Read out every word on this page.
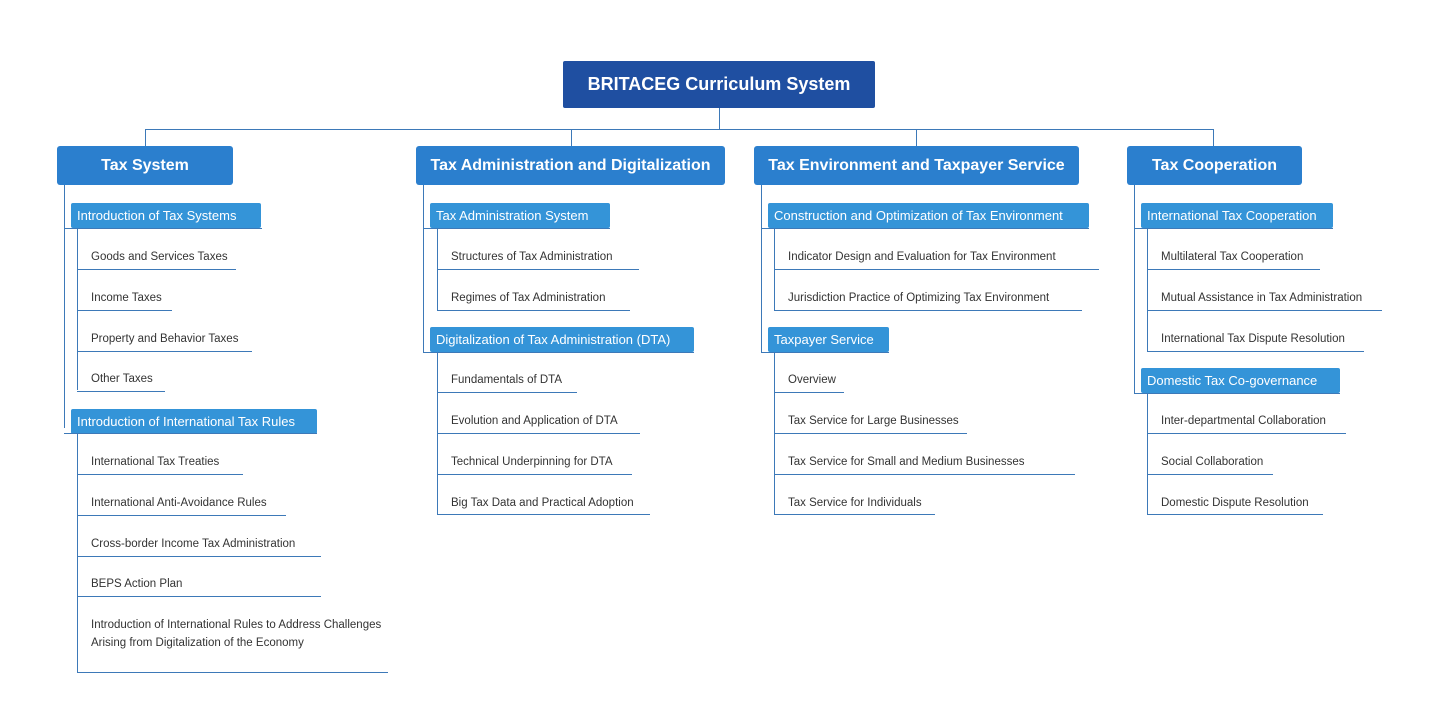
BRITACEG Curriculum System
Tax System
Introduction of Tax Systems
Goods and Services Taxes
Income Taxes
Property and Behavior Taxes
Other Taxes
Introduction of International Tax Rules
International Tax Treaties
International Anti-Avoidance Rules
Cross-border Income Tax Administration
BEPS Action Plan
Introduction of International Rules to Address Challenges Arising from Digitalization of the Economy
Tax Administration and Digitalization
Tax Administration System
Structures of Tax Administration
Regimes of Tax Administration
Digitalization of Tax Administration (DTA)
Fundamentals of DTA
Evolution and Application of DTA
Technical Underpinning for DTA
Big Tax Data and Practical Adoption
Tax Environment and Taxpayer Service
Construction and Optimization of Tax Environment
Indicator Design and Evaluation for Tax Environment
Jurisdiction Practice of Optimizing Tax Environment
Taxpayer Service
Overview
Tax Service for Large Businesses
Tax Service for Small and Medium Businesses
Tax Service for Individuals
Tax Cooperation
International Tax Cooperation
Multilateral Tax Cooperation
Mutual Assistance in Tax Administration
International Tax Dispute Resolution
Domestic Tax Co-governance
Inter-departmental Collaboration
Social Collaboration
Domestic Dispute Resolution
